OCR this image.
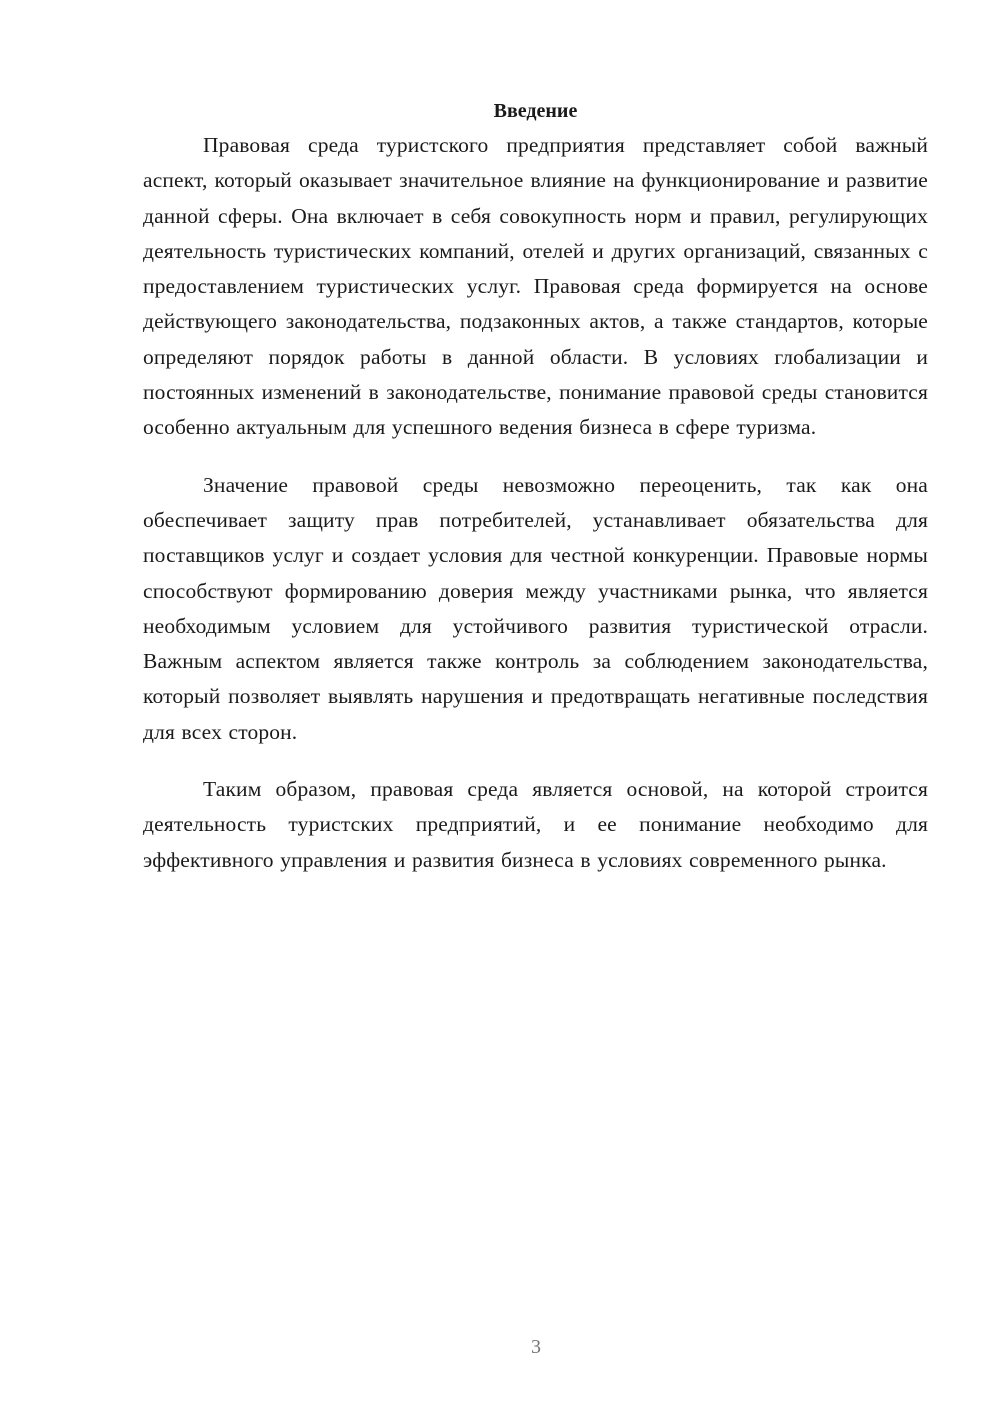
Введение

Правовая среда туристского предприятия представляет собой важный аспект, который оказывает значительное влияние на функционирование и развитие данной сферы. Она включает в себя совокупность норм и правил, регулирующих деятельность туристических компаний, отелей и других организаций, связанных с предоставлением туристических услуг. Правовая среда формируется на основе действующего законодательства, подзаконных актов, а также стандартов, которые определяют порядок работы в данной области. В условиях глобализации и постоянных изменений в законодательстве, понимание правовой среды становится особенно актуальным для успешного ведения бизнеса в сфере туризма.

Значение правовой среды невозможно переоценить, так как она обеспечивает защиту прав потребителей, устанавливает обязательства для поставщиков услуг и создает условия для честной конкуренции. Правовые нормы способствуют формированию доверия между участниками рынка, что является необходимым условием для устойчивого развития туристической отрасли. Важным аспектом является также контроль за соблюдением законодательства, который позволяет выявлять нарушения и предотвращать негативные последствия для всех сторон.

Таким образом, правовая среда является основой, на которой строится деятельность туристских предприятий, и ее понимание необходимо для эффективного управления и развития бизнеса в условиях современного рынка.

3
